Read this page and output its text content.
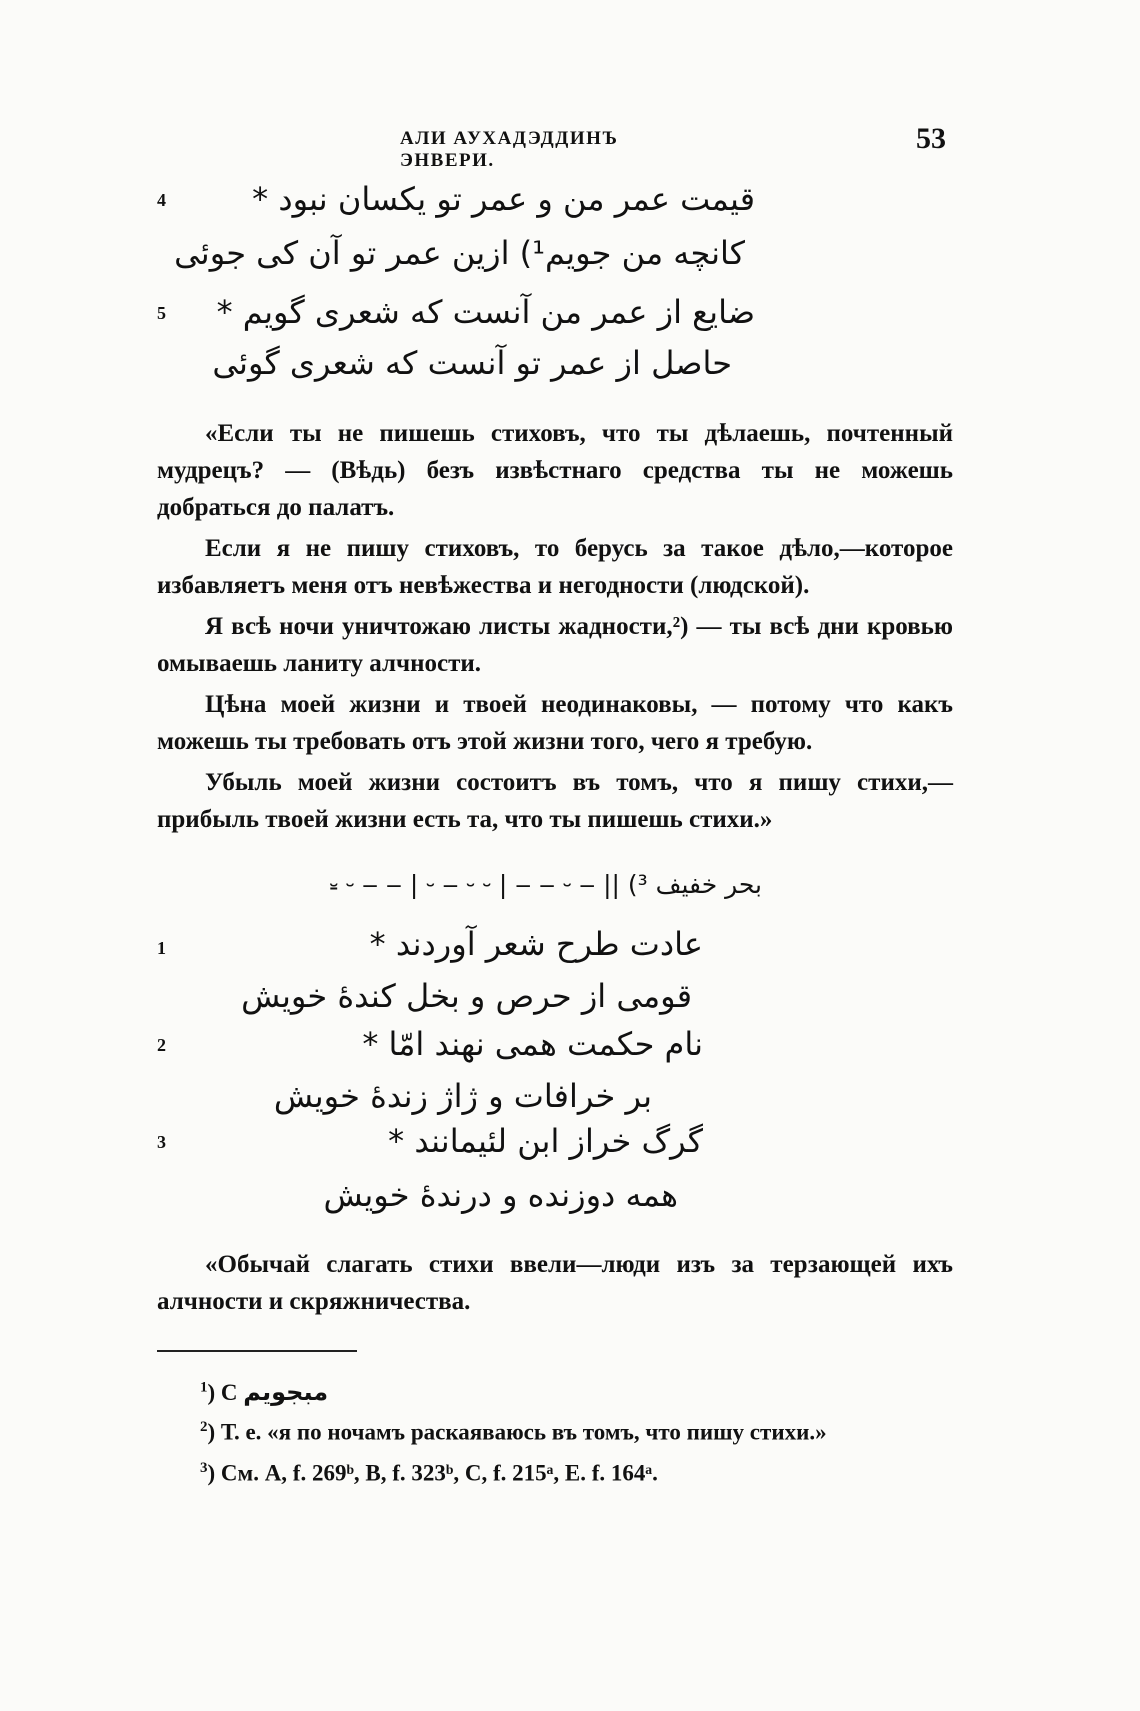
АЛИ АУХАДЭДДИНЪ ЭНВЕРИ.
53
4	قیمت عمر من و عمر تو یکسان نبود *
کانچه من جویم¹) ازین عمر تو آن کی جوئی
5 ضایع از عمر من آنست که شعری گویم *
حاصل از عمر تو آنست که شعری گوئی

«Если ты не пишешь стиховъ, что ты дѣлаешь, почтенный мудрецъ? — (Вѣдь) безъ извѣстнаго средства ты не можешь добраться до палатъ.

Если я не пишу стиховъ, то берусь за такое дѣло,—которое избавляетъ меня отъ невѣжества и негодности (людской).

Я всѣ ночи уничтожаю листы жадности,²) — ты всѣ дни кровью омываешь ланиту алчности.

Цѣна моей жизни и твоей неодинаковы, — потому что какъ можешь ты требовать отъ этой жизни того, чего я требую.

Убыль моей жизни состоитъ въ томъ, что я пишу стихи,— прибыль твоей жизни есть та, что ты пишешь стихи.»

بحر خفیف ³) || ‒ ⏑ ‒ ‒ | ⏑ ⏑ ‒ ⏑ | ‒ ‒ ⏑ ⏓
1	عادت طرح شعر آوردند *
قومی از حرص و بخل کندهٔ خویش
2	نام حکمت همی نهند امّا *
بر خرافات و ژاژ زندهٔ خویش
3	گرگ خراز ابن لئیمانند *
همه دوزنده و درندهٔ خویش

«Обычай слагать стихи ввели—люди изъ за терзающей ихъ алчности и скряжничества.

$^1$) C مبجویم
$^2$) Т. е. «я по ночамъ раскаяваюсь въ томъ, что пишу стихи.»
$^3$) См. A, f. 269ᵇ, B, f. 323ᵇ, C, f. 215ᵃ, E. f. 164ᵃ.
